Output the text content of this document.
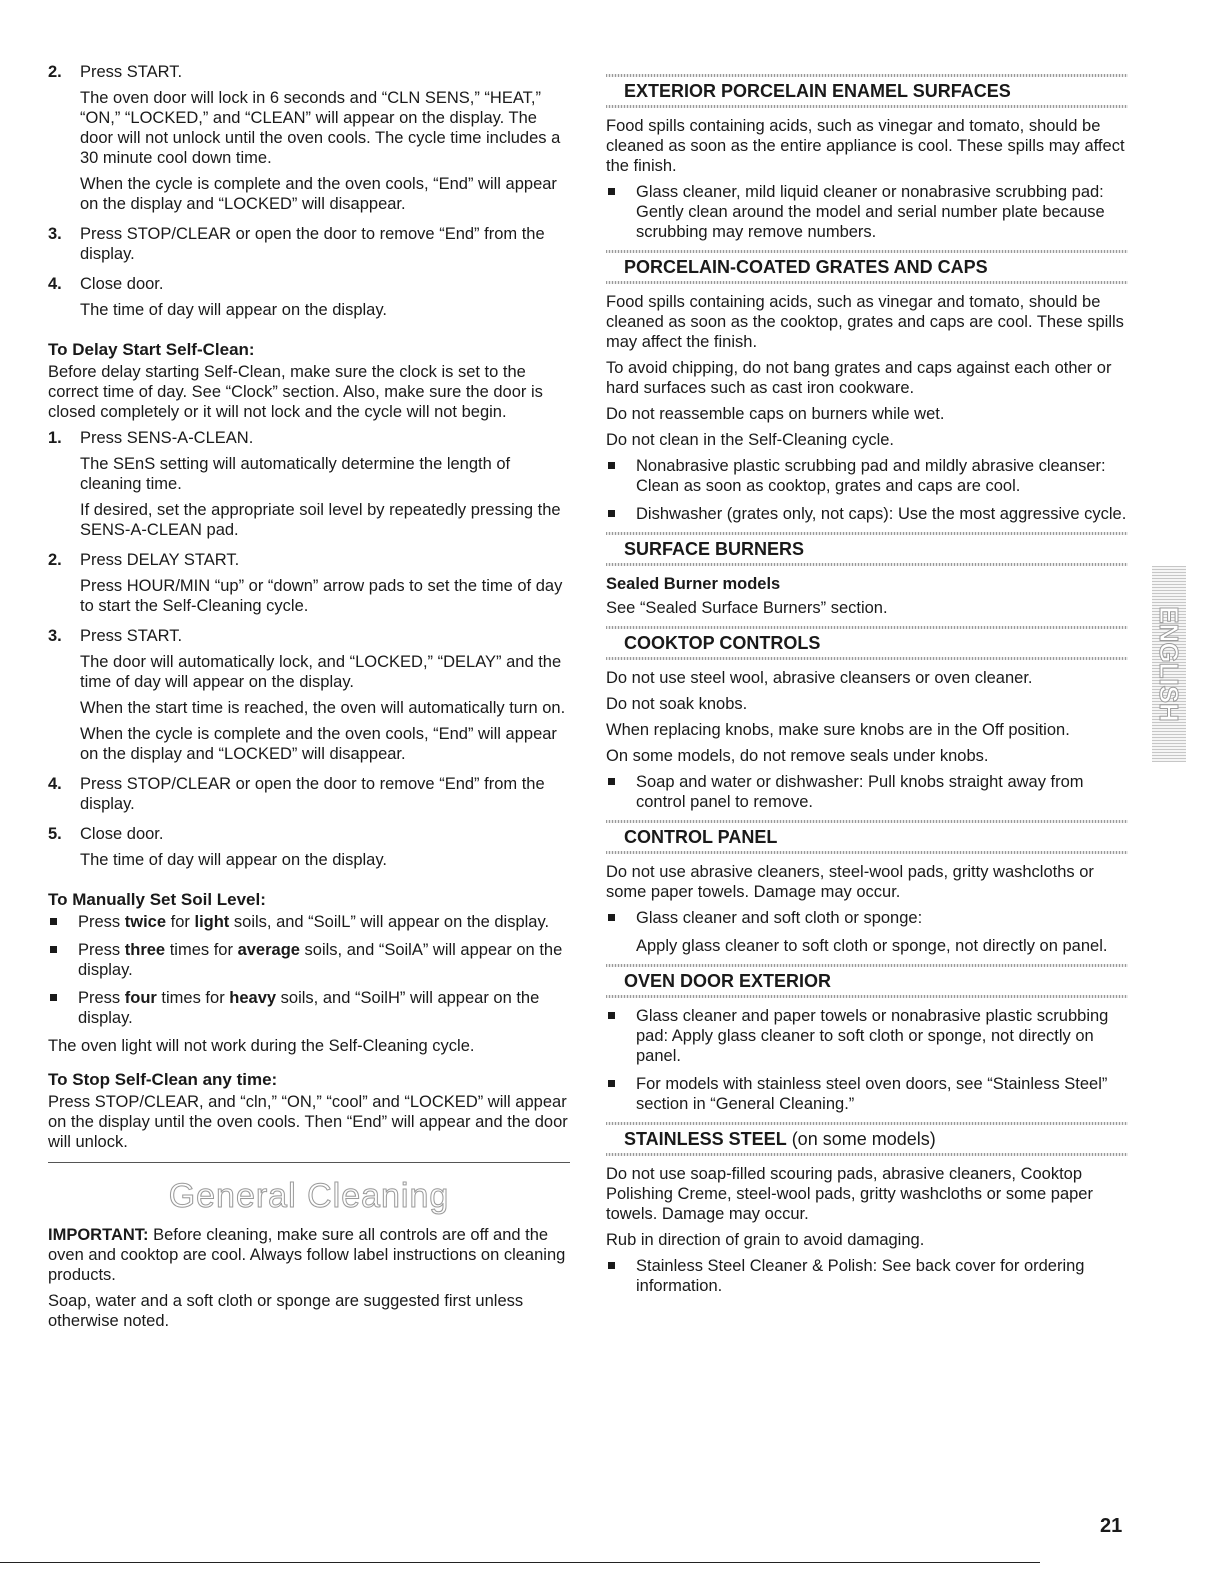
2.	Press START.

The oven door will lock in 6 seconds and “CLN SENS,” “HEAT,” “ON,” “LOCKED,” and “CLEAN” will appear on the display. The door will not unlock until the oven cools. The cycle time includes a 30 minute cool down time.

When the cycle is complete and the oven cools, “End” will appear on the display and “LOCKED” will disappear.

3.	Press STOP/CLEAR or open the door to remove “End” from the display.

4.	Close door.

The time of day will appear on the display.

To Delay Start Self-Clean:

Before delay starting Self-Clean, make sure the clock is set to the correct time of day. See “Clock” section. Also, make sure the door is closed completely or it will not lock and the cycle will not begin.

1.	Press SENS-A-CLEAN.

The SEnS setting will automatically determine the length of cleaning time.

If desired, set the appropriate soil level by repeatedly pressing the SENS-A-CLEAN pad.

2.	Press DELAY START.

Press HOUR/MIN “up” or “down” arrow pads to set the time of day to start the Self-Cleaning cycle.

3.	Press START.

The door will automatically lock, and “LOCKED,” “DELAY” and the time of day will appear on the display.

When the start time is reached, the oven will automatically turn on.

When the cycle is complete and the oven cools, “End” will appear on the display and “LOCKED” will disappear.

4.	Press STOP/CLEAR or open the door to remove “End” from the display.

5.	Close door.

The time of day will appear on the display.

To Manually Set Soil Level:
Press twice for light soils, and “SoilL” will appear on the display.
Press three times for average soils, and “SoilA” will appear on the display.
Press four times for heavy soils, and “SoilH” will appear on the display.

The oven light will not work during the Self-Cleaning cycle.

To Stop Self-Clean any time:

Press STOP/CLEAR, and “cln,” “ON,” “cool” and “LOCKED” will appear on the display until the oven cools. Then “End” will appear and the door will unlock.

General Cleaning

IMPORTANT: Before cleaning, make sure all controls are off and the oven and cooktop are cool. Always follow label instructions on cleaning products.

Soap, water and a soft cloth or sponge are suggested first unless otherwise noted.

EXTERIOR PORCELAIN ENAMEL SURFACES

Food spills containing acids, such as vinegar and tomato, should be cleaned as soon as the entire appliance is cool. These spills may affect the finish.

Glass cleaner, mild liquid cleaner or nonabrasive scrubbing pad: Gently clean around the model and serial number plate because scrubbing may remove numbers.
PORCELAIN-COATED GRATES AND CAPS

Food spills containing acids, such as vinegar and tomato, should be cleaned as soon as the cooktop, grates and caps are cool. These spills may affect the finish.

To avoid chipping, do not bang grates and caps against each other or hard surfaces such as cast iron cookware.

Do not reassemble caps on burners while wet.

Do not clean in the Self-Cleaning cycle.

Nonabrasive plastic scrubbing pad and mildly abrasive cleanser: Clean as soon as cooktop, grates and caps are cool.
Dishwasher (grates only, not caps): Use the most aggressive cycle.
SURFACE BURNERS
Sealed Burner models

See “Sealed Surface Burners” section.

COOKTOP CONTROLS

Do not use steel wool, abrasive cleansers or oven cleaner.

Do not soak knobs.

When replacing knobs, make sure knobs are in the Off position.

On some models, do not remove seals under knobs.

Soap and water or dishwasher: Pull knobs straight away from control panel to remove.
CONTROL PANEL

Do not use abrasive cleaners, steel-wool pads, gritty washcloths or some paper towels. Damage may occur.

Glass cleaner and soft cloth or sponge:

Apply glass cleaner to soft cloth or sponge, not directly on panel.

OVEN DOOR EXTERIOR
Glass cleaner and paper towels or nonabrasive plastic scrubbing pad: Apply glass cleaner to soft cloth or sponge, not directly on panel.
For models with stainless steel oven doors, see “Stainless Steel” section in “General Cleaning.”
STAINLESS STEEL (on some models)

Do not use soap-filled scouring pads, abrasive cleaners, Cooktop Polishing Creme, steel-wool pads, gritty washcloths or some paper towels. Damage may occur.

Rub in direction of grain to avoid damaging.

Stainless Steel Cleaner & Polish: See back cover for ordering information.
ENGLISH
21
